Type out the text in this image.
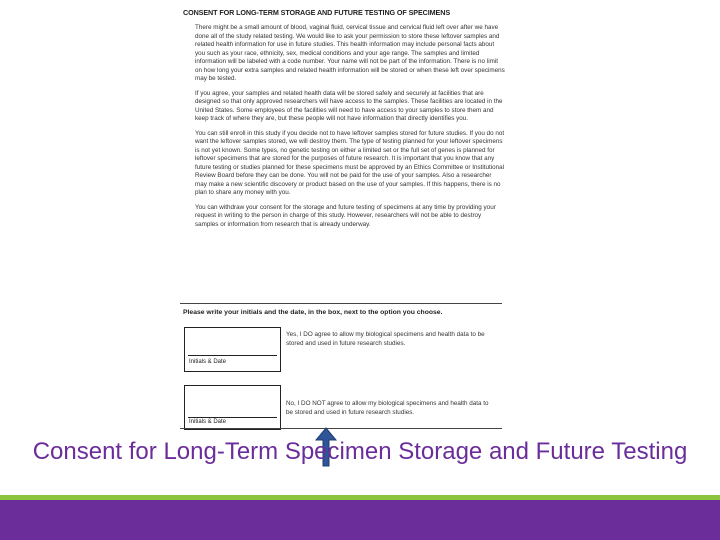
CONSENT FOR LONG-TERM STORAGE AND FUTURE TESTING OF SPECIMENS

There might be a small amount of blood, vaginal fluid, cervical tissue and cervical fluid left over after we have done all of the study related testing. We would like to ask your permission to store these leftover samples and related health information for use in future studies. This health information may include personal facts about you such as your race, ethnicity, sex, medical conditions and your age range. The samples and limited information will be labeled with a code number. Your name will not be part of the information. There is no limit on how long your extra samples and related health information will be stored or when these left over specimens may be tested.

If you agree, your samples and related health data will be stored safely and securely at facilities that are designed so that only approved researchers will have access to the samples. These facilities are located in the United States. Some employees of the facilities will need to have access to your samples to store them and keep track of where they are, but these people will not have information that directly identifies you.

You can still enroll in this study if you decide not to have leftover samples stored for future studies. If you do not want the leftover samples stored, we will destroy them. The type of testing planned for your leftover specimens is not yet known. Some types, no genetic testing on either a limited set or the full set of genes is planned for leftover specimens that are stored for the purposes of future research. It is important that you know that any future testing or studies planned for these specimens must be approved by an Ethics Committee or Institutional Review Board before they can be done. You will not be paid for the use of your samples. Also a researcher may make a new scientific discovery or product based on the use of your samples. If this happens, there is no plan to share any money with you.

You can withdraw your consent for the storage and future testing of specimens at any time by providing your request in writing to the person in charge of this study. However, researchers will not be able to destroy samples or information from research that is already underway.

Please write your initials and the date, in the box, next to the option you choose.
Initials & Date
Yes, I DO agree to allow my biological specimens and health data to be stored and used in future research studies.
Initials & Date
No, I DO NOT agree to allow my biological specimens and health data to be stored and used in future research studies.
Consent for Long-Term Specimen Storage and Future Testing
